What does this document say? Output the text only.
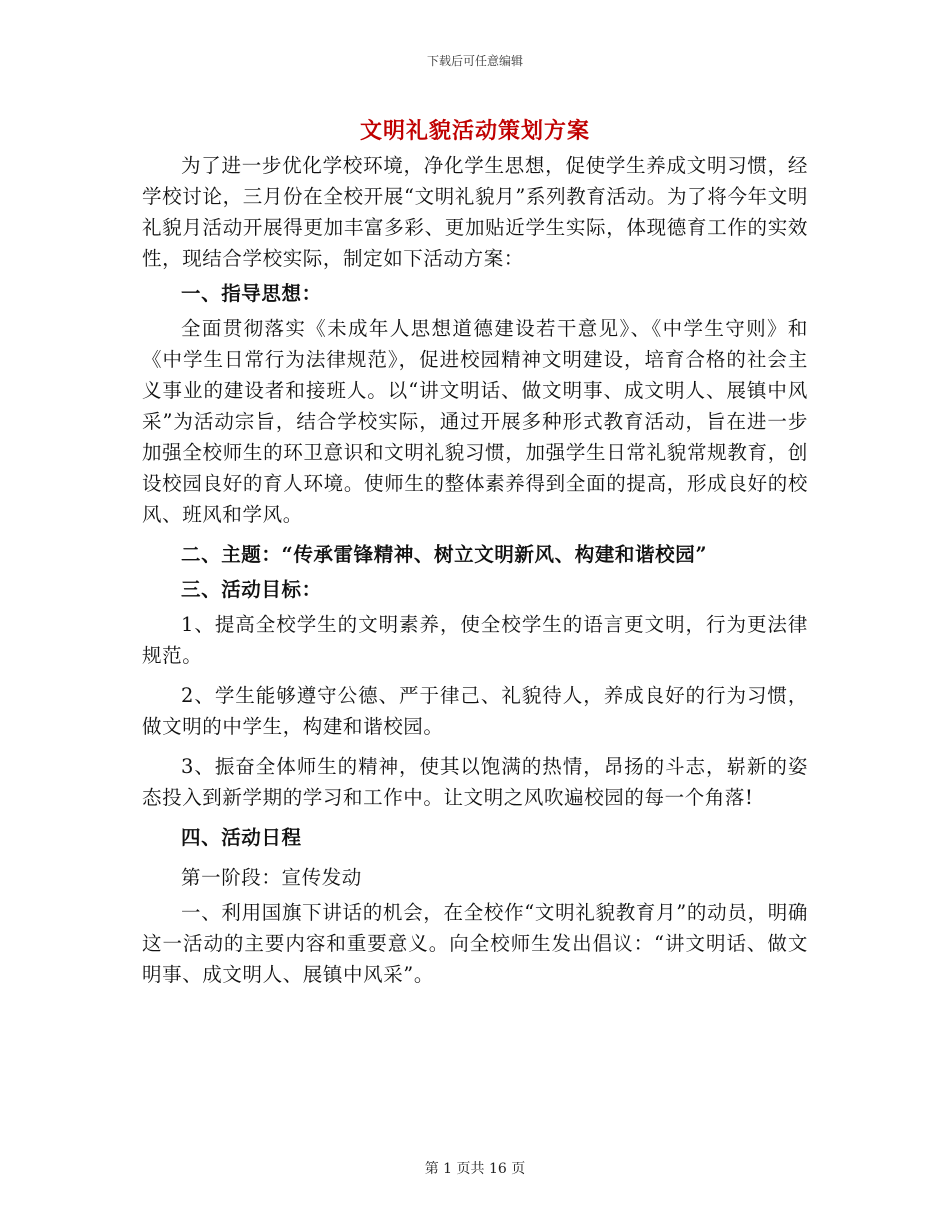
下载后可任意编辑
文明礼貌活动策划方案

为了进一步优化学校环境，净化学生思想，促使学生养成文明习惯，经学校讨论，三月份在全校开展“文明礼貌月”系列教育活动。为了将今年文明礼貌月活动开展得更加丰富多彩、更加贴近学生实际，体现德育工作的实效性，现结合学校实际，制定如下活动方案：

一、指导思想：

全面贯彻落实《未成年人思想道德建设若干意见》、《中学生守则》和《中学生日常行为法律规范》，促进校园精神文明建设，培育合格的社会主义事业的建设者和接班人。以“讲文明话、做文明事、成文明人、展镇中风采”为活动宗旨，结合学校实际，通过开展多种形式教育活动，旨在进一步加强全校师生的环卫意识和文明礼貌习惯，加强学生日常礼貌常规教育，创设校园良好的育人环境。使师生的整体素养得到全面的提高，形成良好的校风、班风和学风。

二、主题：“传承雷锋精神、树立文明新风、构建和谐校园”

三、活动目标：

1、提高全校学生的文明素养，使全校学生的语言更文明，行为更法律规范。

2、学生能够遵守公德、严于律己、礼貌待人，养成良好的行为习惯，做文明的中学生，构建和谐校园。

3、振奋全体师生的精神，使其以饱满的热情，昂扬的斗志，崭新的姿态投入到新学期的学习和工作中。让文明之风吹遍校园的每一个角落!

四、活动日程

第一阶段：宣传发动

一、利用国旗下讲话的机会，在全校作“文明礼貌教育月”的动员，明确这一活动的主要内容和重要意义。向全校师生发出倡议：“讲文明话、做文明事、成文明人、展镇中风采”。

第 1 页共 16 页
